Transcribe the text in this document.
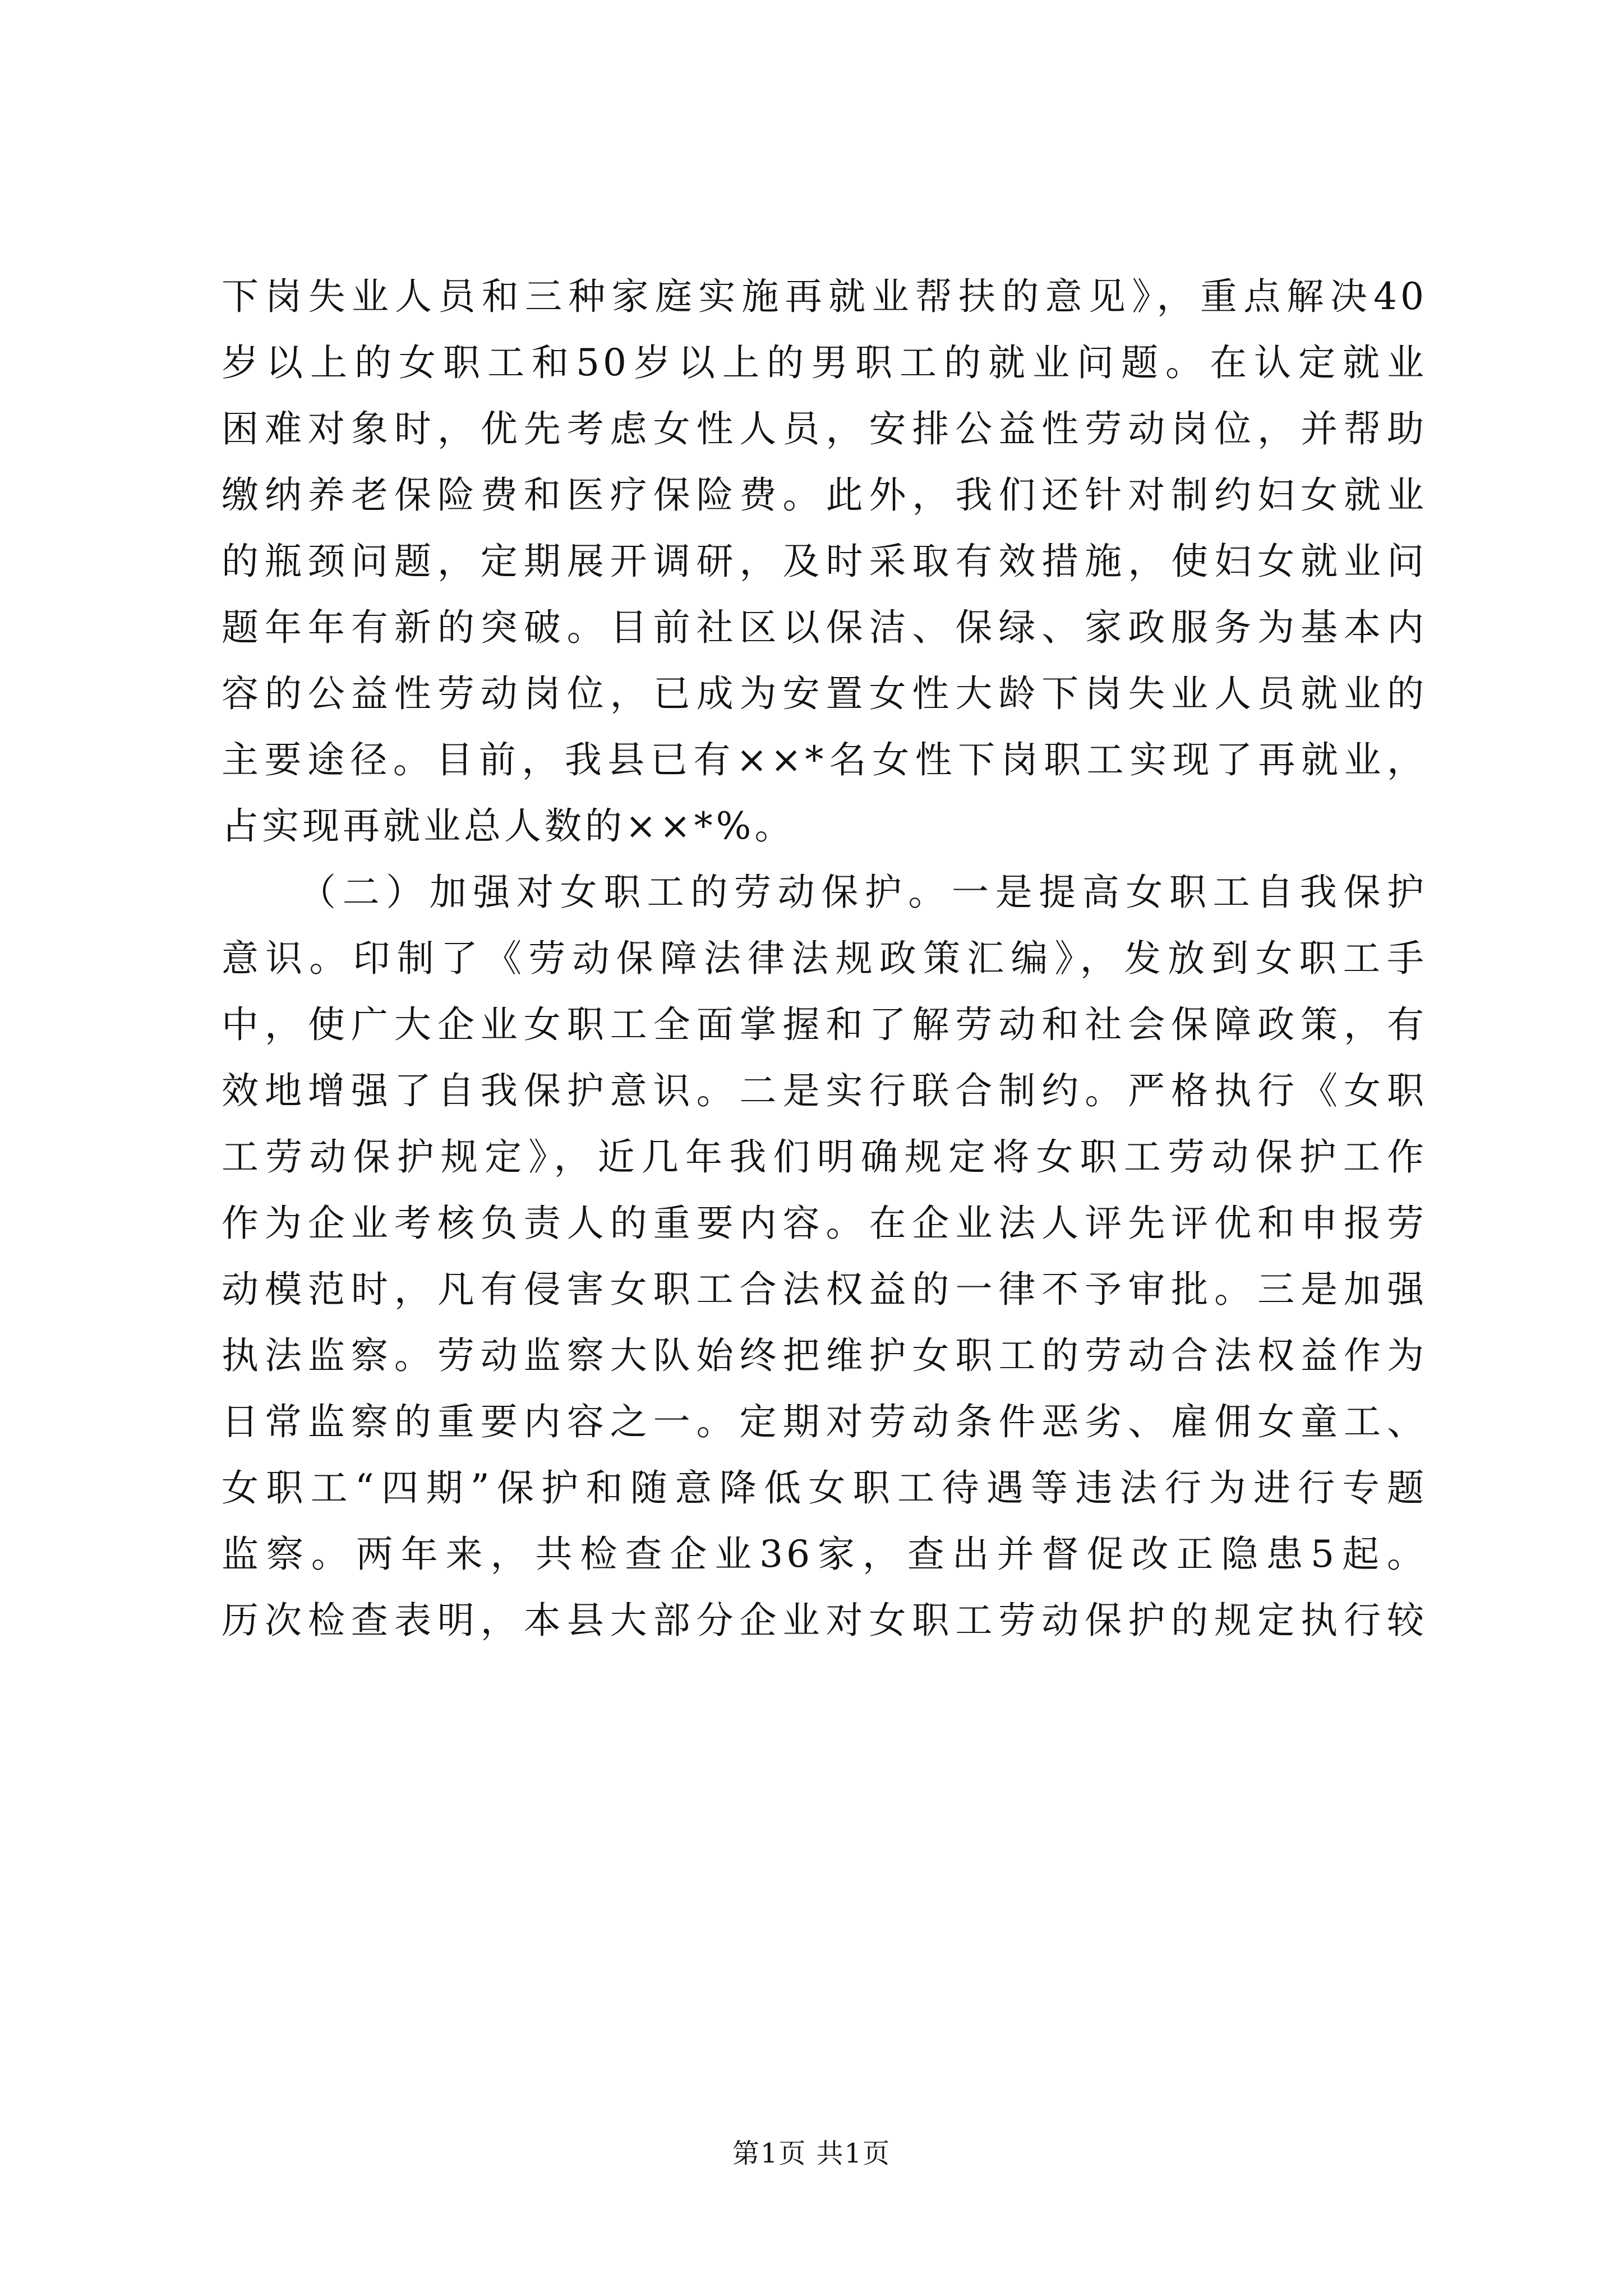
下岗失业人员和三种家庭实施再就业帮扶的意见》，重点解决40
岁以上的女职工和50岁以上的男职工的就业问题。在认定就业
困难对象时，优先考虑女性人员，安排公益性劳动岗位，并帮助
缴纳养老保险费和医疗保险费。此外，我们还针对制约妇女就业
的瓶颈问题，定期展开调研，及时采取有效措施，使妇女就业问
题年年有新的突破。目前社区以保洁、保绿、家政服务为基本内
容的公益性劳动岗位，已成为安置女性大龄下岗失业人员就业的
主要途径。目前，我县已有××*名女性下岗职工实现了再就业，
占实现再就业总人数的××*%。
（二）加强对女职工的劳动保护。一是提高女职工自我保护
意识。印制了《劳动保障法律法规政策汇编》，发放到女职工手
中，使广大企业女职工全面掌握和了解劳动和社会保障政策，有
效地增强了自我保护意识。二是实行联合制约。严格执行《女职
工劳动保护规定》，近几年我们明确规定将女职工劳动保护工作
作为企业考核负责人的重要内容。在企业法人评先评优和申报劳
动模范时，凡有侵害女职工合法权益的一律不予审批。三是加强
执法监察。劳动监察大队始终把维护女职工的劳动合法权益作为
日常监察的重要内容之一。定期对劳动条件恶劣、雇佣女童工、
女职工“四期”保护和随意降低女职工待遇等违法行为进行专题
监察。两年来，共检查企业36家，查出并督促改正隐患5起。
历次检查表明，本县大部分企业对女职工劳动保护的规定执行较
第1页 共1页
